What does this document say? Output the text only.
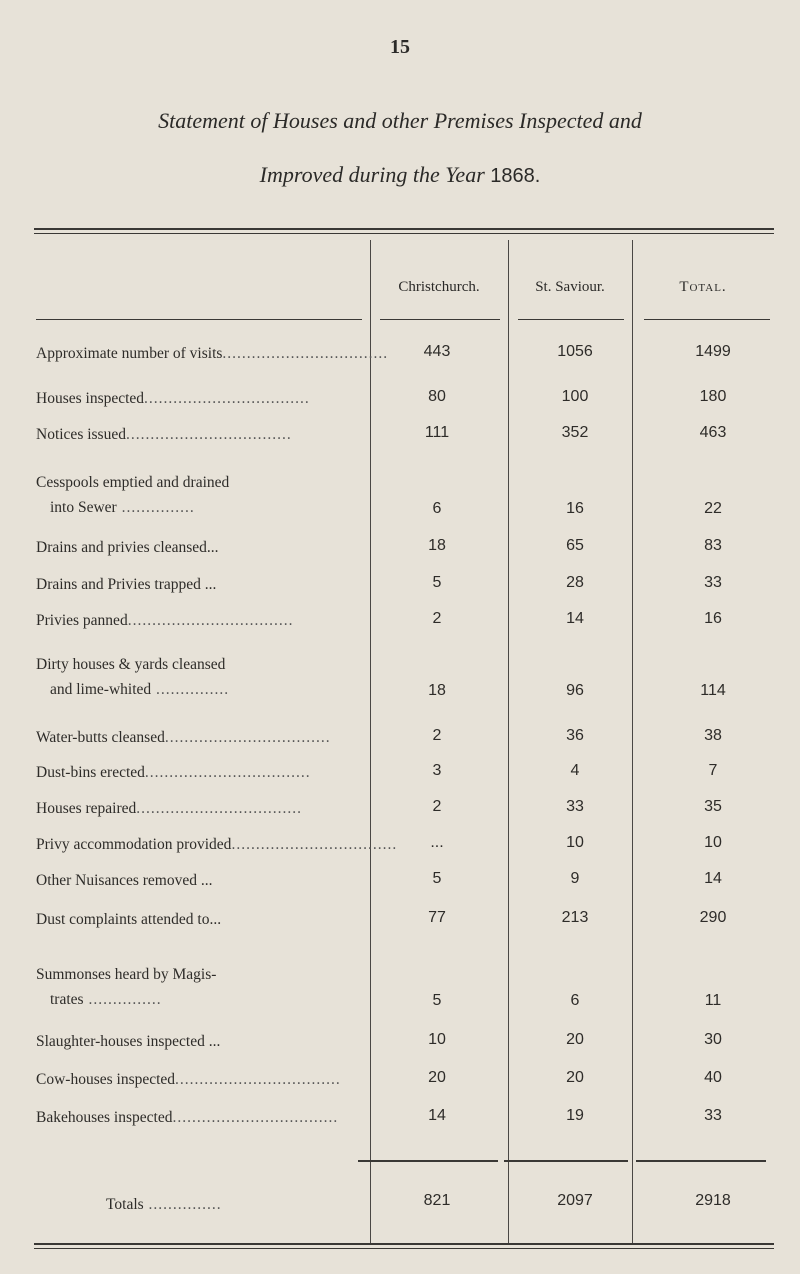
15
Statement of Houses and other Premises Inspected and
Improved during the Year 1868.
Christchurch.	St. Saviour.	Total.
Approximate number of visits..................................	443	1056	1499
Houses inspected..................................	80	100	180
Notices issued..................................	111	352	463
Cesspools emptied and drained
into Sewer ...............	6	16	22
Drains and privies cleansed...	18	65	83
Drains and Privies trapped ...	5	28	33
Privies panned..................................	2	14	16
Dirty houses & yards cleansed
and lime-whited ...............	18	96	114
Water-butts cleansed..................................	2	36	38
Dust-bins erected..................................	3	4	7
Houses repaired..................................	2	33	35
Privy accommodation provided..................................	...	10	10
Other Nuisances removed ...	5	9	14
Dust complaints attended to...	77	213	290
Summonses heard by Magis-
trates ...............	5	6	11
Slaughter-houses inspected ...	10	20	30
Cow-houses inspected..................................	20	20	40
Bakehouses inspected..................................	14	19	33
Totals ...............	821	2097	2918
